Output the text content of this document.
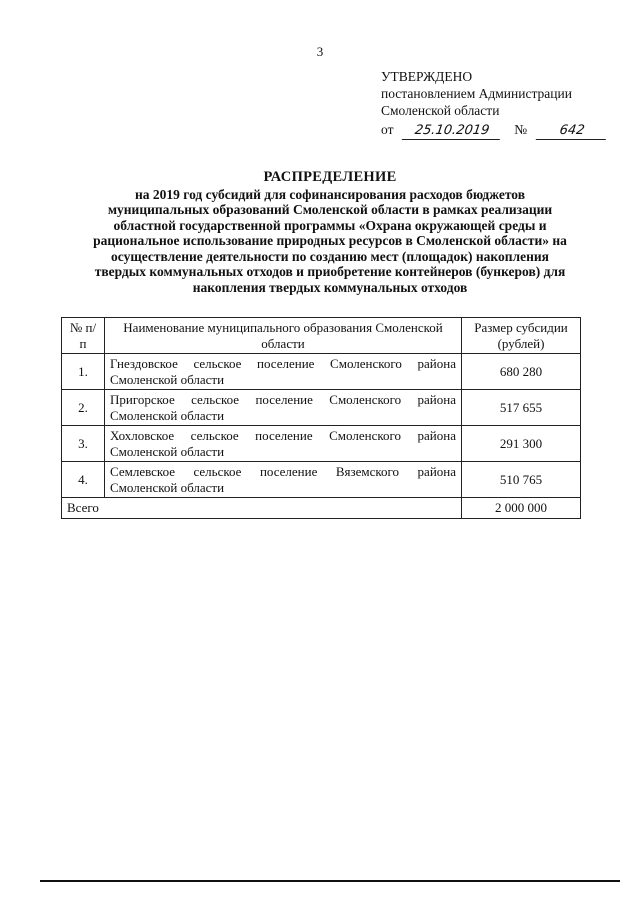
3
УТВЕРЖДЕНО
постановлением Администрации
Смоленской области
от 25.10.2019 № 642
РАСПРЕДЕЛЕНИЕ
на 2019 год субсидий для софинансирования расходов бюджетов
муниципальных образований Смоленской области в рамках реализации
областной государственной программы «Охрана окружающей среды и
рациональное использование природных ресурсов в Смоленской области» на
осуществление деятельности по созданию мест (площадок) накопления
твердых коммунальных отходов и приобретение контейнеров (бункеров) для
накопления твердых коммунальных отходов
№ п/п	Наименование муниципального образования Смоленской области	Размер субсидии (рублей)
1.	Гнездовское сельское поселение Смоленского района Смоленской области	680 280
2.	Пригорское сельское поселение Смоленского района Смоленской области	517 655
3.	Хохловское сельское поселение Смоленского района Смоленской области	291 300
4.	Семлевское сельское поселение Вяземского района Смоленской области	510 765
Всего		2 000 000
